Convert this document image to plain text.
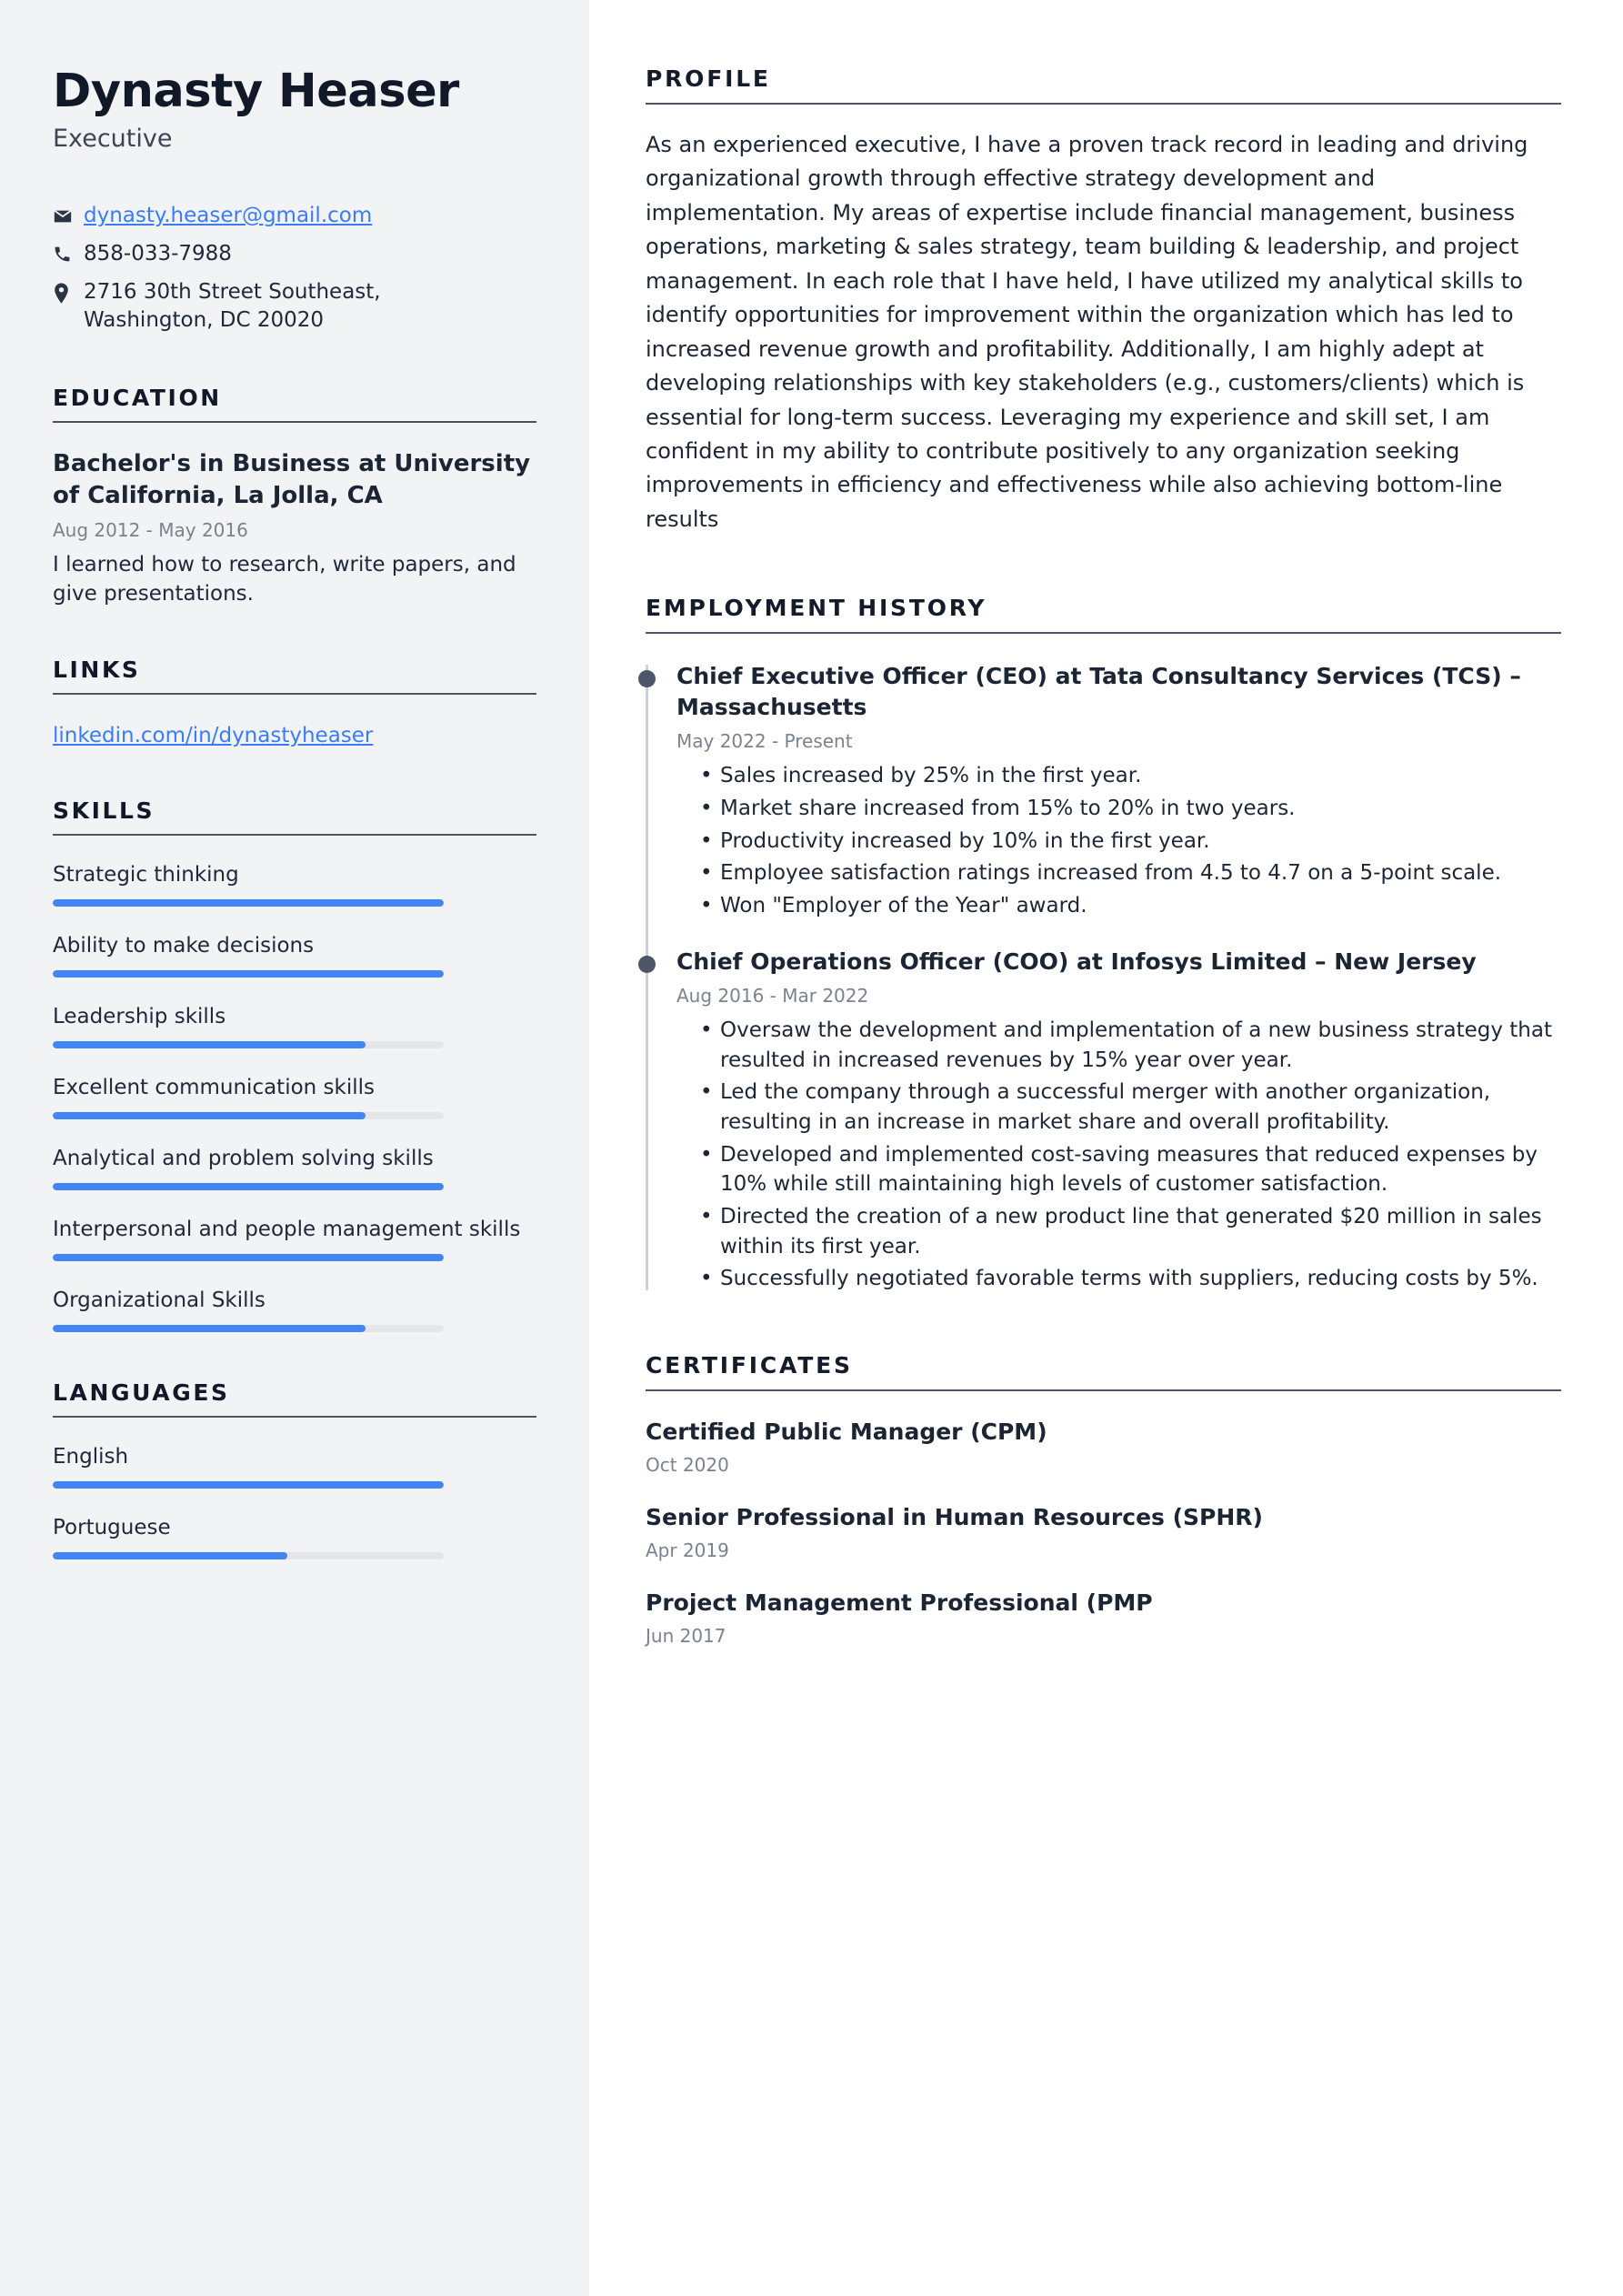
Dynasty Heaser
Executive
dynasty.heaser@gmail.com
858-033-7988
2716 30th Street Southeast,
Washington, DC 20020
EDUCATION
Bachelor's in Business at University of California, La Jolla, CA
Aug 2012 - May 2016
I learned how to research, write papers, and give presentations.
LINKS
linkedin.com/in/dynastyheaser
SKILLS
Strategic thinking
Ability to make decisions
Leadership skills
Excellent communication skills
Analytical and problem solving skills
Interpersonal and people management skills
Organizational Skills
LANGUAGES
English
Portuguese
PROFILE

As an experienced executive, I have a proven track record in leading and driving organizational growth through effective strategy development and implementation. My areas of expertise include financial management, business operations, marketing & sales strategy, team building & leadership, and project management. In each role that I have held, I have utilized my analytical skills to identify opportunities for improvement within the organization which has led to increased revenue growth and profitability. Additionally, I am highly adept at developing relationships with key stakeholders (e.g., customers/clients) which is essential for long-term success. Leveraging my experience and skill set, I am confident in my ability to contribute positively to any organization seeking improvements in efficiency and effectiveness while also achieving bottom-line results

EMPLOYMENT HISTORY
Chief Executive Officer (CEO) at Tata Consultancy Services (TCS) – Massachusetts
May 2022 - Present
• Sales increased by 25% in the first year.
• Market share increased from 15% to 20% in two years.
• Productivity increased by 10% in the first year.
• Employee satisfaction ratings increased from 4.5 to 4.7 on a 5-point scale.
• Won "Employer of the Year" award.
Chief Operations Officer (COO) at Infosys Limited – New Jersey
Aug 2016 - Mar 2022
• Oversaw the development and implementation of a new business strategy that resulted in increased revenues by 15% year over year.
• Led the company through a successful merger with another organization, resulting in an increase in market share and overall profitability.
• Developed and implemented cost-saving measures that reduced expenses by 10% while still maintaining high levels of customer satisfaction.
• Directed the creation of a new product line that generated $20 million in sales within its first year.
• Successfully negotiated favorable terms with suppliers, reducing costs by 5%.
CERTIFICATES
Certified Public Manager (CPM)
Oct 2020
Senior Professional in Human Resources (SPHR)
Apr 2019
Project Management Professional (PMP
Jun 2017
